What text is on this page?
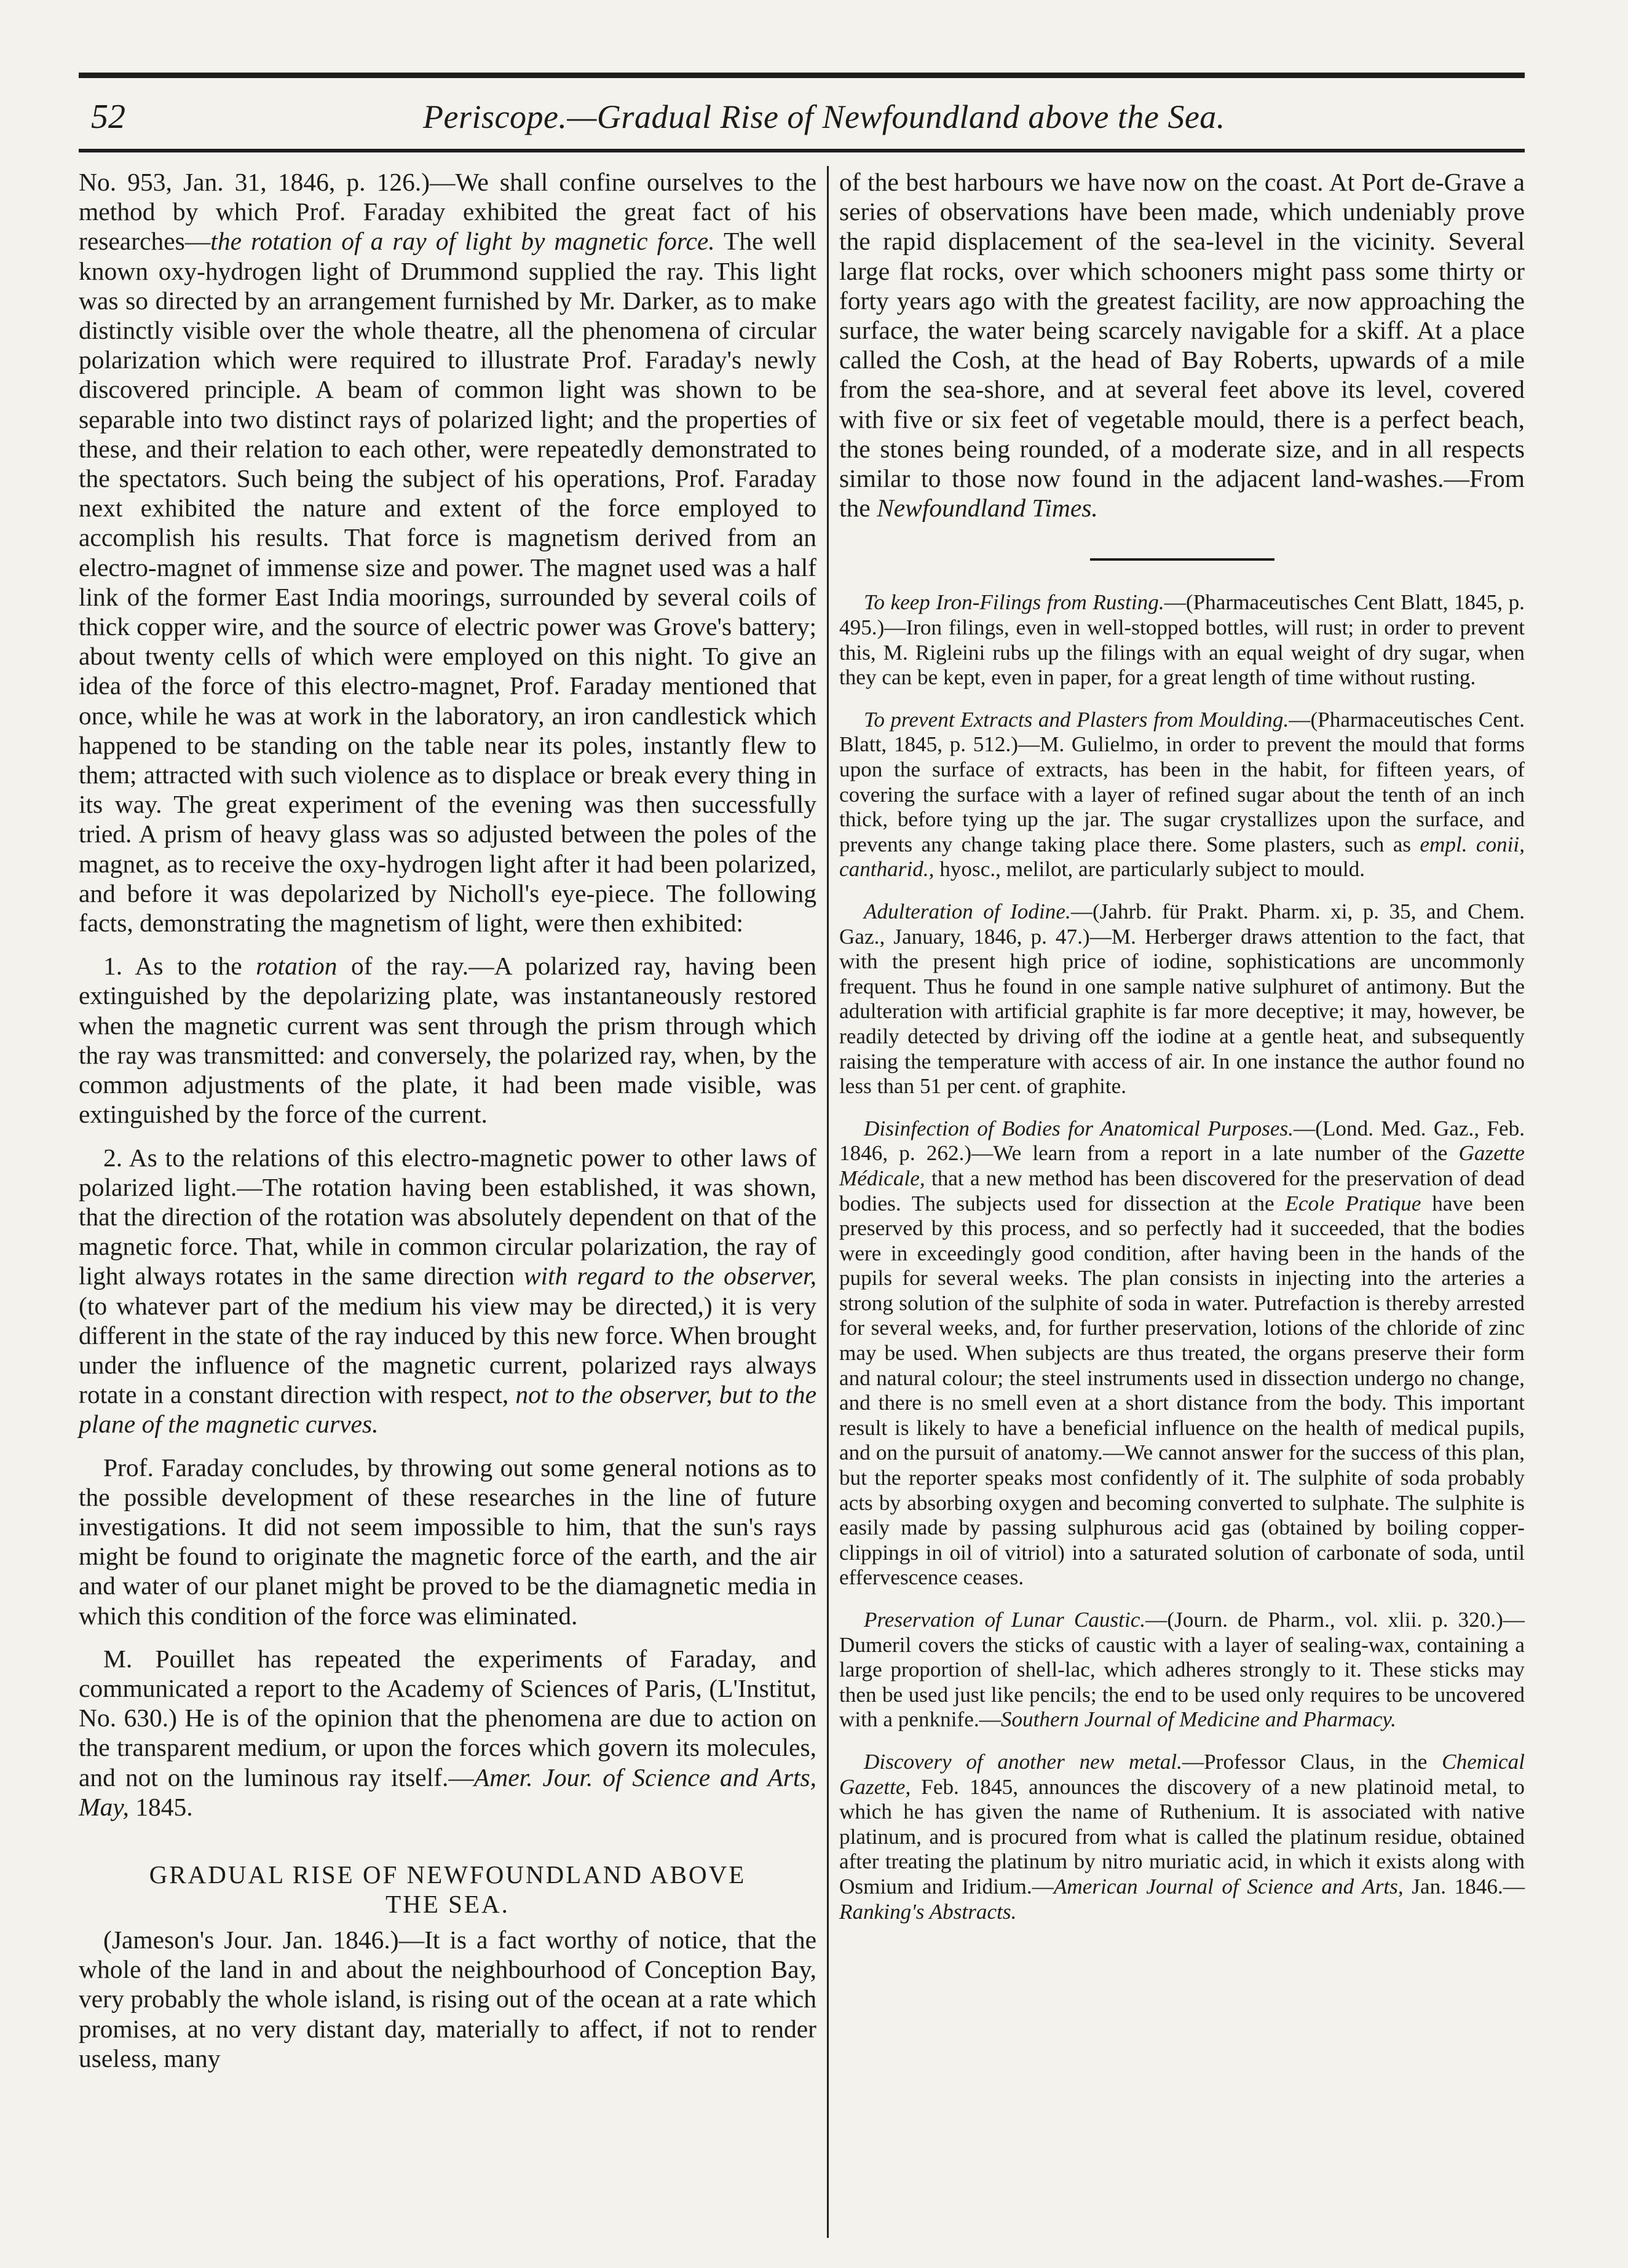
52	Periscope.—Gradual Rise of Newfoundland above the Sea.

No. 953, Jan. 31, 1846, p. 126.)—We shall confine ourselves to the method by which Prof. Faraday exhibited the great fact of his researches—the rotation of a ray of light by magnetic force. The well known oxy-hydrogen light of Drummond supplied the ray. This light was so directed by an arrangement furnished by Mr. Darker, as to make distinctly visible over the whole theatre, all the phenomena of circular polarization which were required to illustrate Prof. Faraday's newly discovered principle. A beam of common light was shown to be separable into two distinct rays of polarized light; and the properties of these, and their relation to each other, were repeatedly demonstrated to the spectators. Such being the subject of his operations, Prof. Faraday next exhibited the nature and extent of the force employed to accomplish his results. That force is magnetism derived from an electro-magnet of immense size and power. The magnet used was a half link of the former East India moorings, surrounded by several coils of thick copper wire, and the source of electric power was Grove's battery; about twenty cells of which were employed on this night. To give an idea of the force of this electro-magnet, Prof. Faraday mentioned that once, while he was at work in the laboratory, an iron candlestick which happened to be standing on the table near its poles, instantly flew to them; attracted with such violence as to displace or break every thing in its way. The great experiment of the evening was then successfully tried. A prism of heavy glass was so adjusted between the poles of the magnet, as to receive the oxy-hydrogen light after it had been polarized, and before it was depolarized by Nicholl's eye-piece. The following facts, demonstrating the magnetism of light, were then exhibited:

1. As to the rotation of the ray.—A polarized ray, having been extinguished by the depolarizing plate, was instantaneously restored when the magnetic current was sent through the prism through which the ray was transmitted: and conversely, the polarized ray, when, by the common adjustments of the plate, it had been made visible, was extinguished by the force of the current.

2. As to the relations of this electro-magnetic power to other laws of polarized light.—The rotation having been established, it was shown, that the direction of the rotation was absolutely dependent on that of the magnetic force. That, while in common circular polarization, the ray of light always rotates in the same direction with regard to the observer, (to whatever part of the medium his view may be directed,) it is very different in the state of the ray induced by this new force. When brought under the influence of the magnetic current, polarized rays always rotate in a constant direction with respect, not to the observer, but to the plane of the magnetic curves.

Prof. Faraday concludes, by throwing out some general notions as to the possible development of these researches in the line of future investigations. It did not seem impossible to him, that the sun's rays might be found to originate the magnetic force of the earth, and the air and water of our planet might be proved to be the diamagnetic media in which this condition of the force was eliminated.

M. Pouillet has repeated the experiments of Faraday, and communicated a report to the Academy of Sciences of Paris, (L'Institut, No. 630.) He is of the opinion that the phenomena are due to action on the transparent medium, or upon the forces which govern its molecules, and not on the luminous ray itself.—Amer. Jour. of Science and Arts, May, 1845.

GRADUAL RISE OF NEWFOUNDLAND ABOVE
THE SEA.

(Jameson's Jour. Jan. 1846.)—It is a fact worthy of notice, that the whole of the land in and about the neighbourhood of Conception Bay, very probably the whole island, is rising out of the ocean at a rate which promises, at no very distant day, materially to affect, if not to render useless, many

of the best harbours we have now on the coast. At Port de-Grave a series of observations have been made, which undeniably prove the rapid displacement of the sea-level in the vicinity. Several large flat rocks, over which schooners might pass some thirty or forty years ago with the greatest facility, are now approaching the surface, the water being scarcely navigable for a skiff. At a place called the Cosh, at the head of Bay Roberts, upwards of a mile from the sea-shore, and at several feet above its level, covered with five or six feet of vegetable mould, there is a perfect beach, the stones being rounded, of a moderate size, and in all respects similar to those now found in the adjacent land-washes.—From the Newfoundland Times.

To keep Iron-Filings from Rusting.—(Pharmaceutisches Cent Blatt, 1845, p. 495.)—Iron filings, even in well-stopped bottles, will rust; in order to prevent this, M. Rigleini rubs up the filings with an equal weight of dry sugar, when they can be kept, even in paper, for a great length of time without rusting.

To prevent Extracts and Plasters from Moulding.—(Pharmaceutisches Cent. Blatt, 1845, p. 512.)—M. Gulielmo, in order to prevent the mould that forms upon the surface of extracts, has been in the habit, for fifteen years, of covering the surface with a layer of refined sugar about the tenth of an inch thick, before tying up the jar. The sugar crystallizes upon the surface, and prevents any change taking place there. Some plasters, such as empl. conii, cantharid., hyosc., melilot, are particularly subject to mould.

Adulteration of Iodine.—(Jahrb. für Prakt. Pharm. xi, p. 35, and Chem. Gaz., January, 1846, p. 47.)—M. Herberger draws attention to the fact, that with the present high price of iodine, sophistications are uncommonly frequent. Thus he found in one sample native sulphuret of antimony. But the adulteration with artificial graphite is far more deceptive; it may, however, be readily detected by driving off the iodine at a gentle heat, and subsequently raising the temperature with access of air. In one instance the author found no less than 51 per cent. of graphite.

Disinfection of Bodies for Anatomical Purposes.—(Lond. Med. Gaz., Feb. 1846, p. 262.)—We learn from a report in a late number of the Gazette Médicale, that a new method has been discovered for the preservation of dead bodies. The subjects used for dissection at the Ecole Pratique have been preserved by this process, and so perfectly had it succeeded, that the bodies were in exceedingly good condition, after having been in the hands of the pupils for several weeks. The plan consists in injecting into the arteries a strong solution of the sulphite of soda in water. Putrefaction is thereby arrested for several weeks, and, for further preservation, lotions of the chloride of zinc may be used. When subjects are thus treated, the organs preserve their form and natural colour; the steel instruments used in dissection undergo no change, and there is no smell even at a short distance from the body. This important result is likely to have a beneficial influence on the health of medical pupils, and on the pursuit of anatomy.—We cannot answer for the success of this plan, but the reporter speaks most confidently of it. The sulphite of soda probably acts by absorbing oxygen and becoming converted to sulphate. The sulphite is easily made by passing sulphurous acid gas (obtained by boiling copper-clippings in oil of vitriol) into a saturated solution of carbonate of soda, until effervescence ceases.

Preservation of Lunar Caustic.—(Journ. de Pharm., vol. xlii. p. 320.)—Dumeril covers the sticks of caustic with a layer of sealing-wax, containing a large proportion of shell-lac, which adheres strongly to it. These sticks may then be used just like pencils; the end to be used only requires to be uncovered with a penknife.—Southern Journal of Medicine and Pharmacy.

Discovery of another new metal.—Professor Claus, in the Chemical Gazette, Feb. 1845, announces the discovery of a new platinoid metal, to which he has given the name of Ruthenium. It is associated with native platinum, and is procured from what is called the platinum residue, obtained after treating the platinum by nitro muriatic acid, in which it exists along with Osmium and Iridium.—American Journal of Science and Arts, Jan. 1846.—Ranking's Abstracts.
